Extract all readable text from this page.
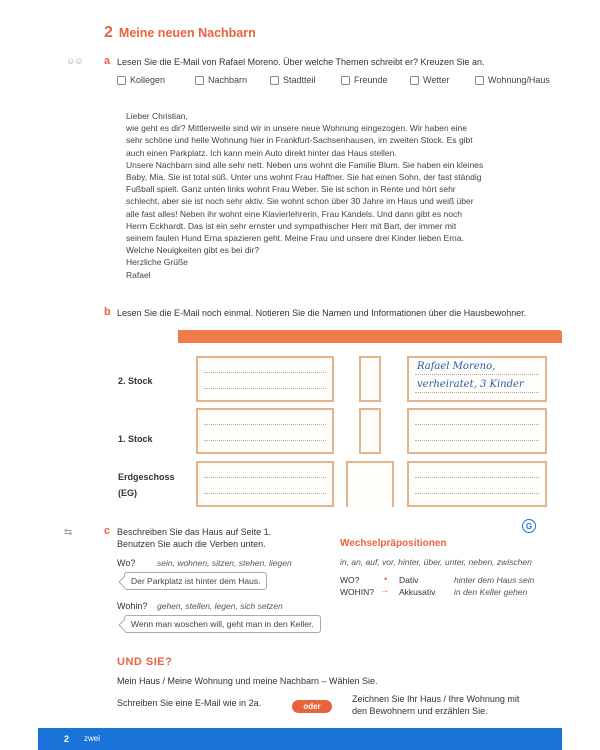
2 Meine neuen Nachbarn
☺☺ a Lesen Sie die E-Mail von Rafael Moreno. Über welche Themen schreibt er? Kreuzen Sie an.
Kollegen	Nachbarn	Stadtteil	Freunde	Wetter	Wohnung/Haus
Lieber Christian,
wie geht es dir? Mittlerweile sind wir in unsere neue Wohnung eingezogen. Wir haben eine
sehr schöne und helle Wohnung hier in Frankfurt-Sachsenhausen, im zweiten Stock. Es gibt
auch einen Parkplatz. Ich kann mein Auto direkt hinter das Haus stellen.
Unsere Nachbarn sind alle sehr nett. Neben uns wohnt die Familie Blum. Sie haben ein kleines
Baby, Mia. Sie ist total süß. Unter uns wohnt Frau Haffner. Sie hat einen Sohn, der fast ständig
Fußball spielt. Ganz unten links wohnt Frau Weber. Sie ist schon in Rente und hört sehr
schlecht, aber sie ist noch sehr aktiv. Sie wohnt schon über 30 Jahre im Haus und weiß über
alle fast alles! Neben ihr wohnt eine Klavierlehrerin, Frau Kandels. Und dann gibt es noch
Herrn Eckhardt. Das ist ein sehr ernster und sympathischer Herr mit Bart, der immer mit
seinem faulen Hund Erna spazieren geht. Meine Frau und unsere drei Kinder lieben Erna.
Welche Neuigkeiten gibt es bei dir?
Herzliche Grüße
Rafael
b Lesen Sie die E-Mail noch einmal. Notieren Sie die Namen und Informationen über die Hausbewohner.
2. Stock
1. Stock
Erdgeschoss
(EG)
Rafael Moreno,
verheiratet, 3 Kinder
⇆	c Beschreiben Sie das Haus auf Seite 1.
Benutzen Sie auch die Verben unten.
Wo?	sein, wohnen, sitzen, stehen, liegen
Der Parkplatz ist hinter dem Haus.
Wohin? gehen, stellen, legen, sich setzen
Wenn man woschen will, geht man in den Keller.
G
Wechselpräpositionen
in, an, auf, vor, hinter, über, unter, neben, zwischen
WO?	• Dativ	hinter dem Haus sein
WOHIN? → Akkusativ in den Keller gehen
UND SIE?
Mein Haus / Meine Wohnung und meine Nachbarn – Wählen Sie.
Schreiben Sie eine E-Mail wie in 2a.	oder
Zeichnen Sie Ihr Haus / Ihre Wohnung mit
den Bewohnern und erzählen Sie.
2 zwei
